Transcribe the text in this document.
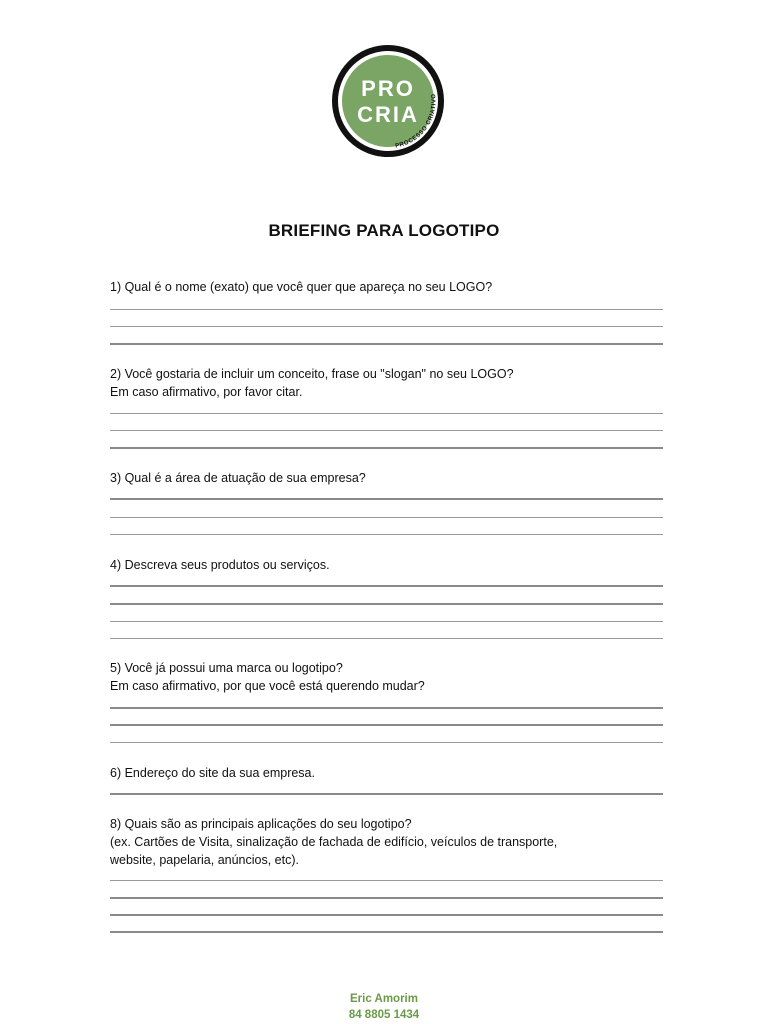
PRO
CRIA
PROCESSO CRIATIVO
BRIEFING PARA LOGOTIPO
1) Qual é o nome (exato) que você quer que apareça no seu LOGO?
2) Você gostaria de incluir um conceito, frase ou "slogan" no seu LOGO?
Em caso afirmativo, por favor citar.
3) Qual é a área de atuação de sua empresa?
4) Descreva seus produtos ou serviços.
5) Você já possui uma marca ou logotipo?
Em caso afirmativo, por que você está querendo mudar?
6) Endereço do site da sua empresa.
8) Quais são as principais aplicações do seu logotipo?
(ex. Cartões de Visita, sinalização de fachada de edifício, veículos de transporte,
website, papelaria, anúncios, etc).
Eric Amorim
84 8805 1434
